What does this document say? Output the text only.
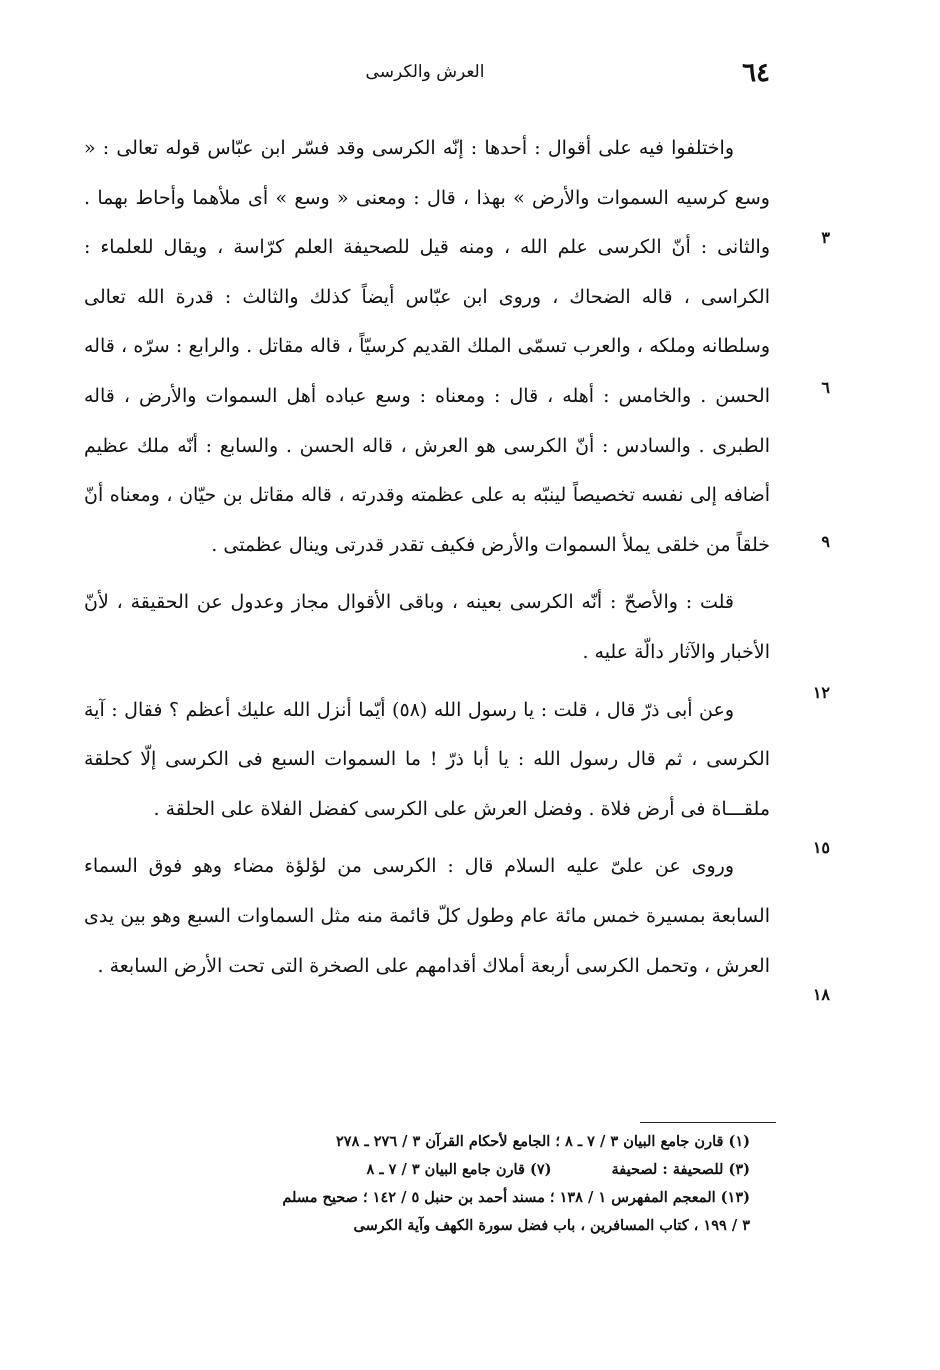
٦٤
العرش والكرسى
٣
٦
٩
١٢
١٥
١٨

واختلفوا فيه على أقوال : أحدها : إنّه الكرسى وقد فسّر ابن عبّاس قوله تعالى : « وسع كرسيه السموات والأرض » بهذا ، قال : ومعنى « وسع » أى ملأهما وأحاط بهما . والثانى : أنّ الكرسى علم الله ، ومنه قيل للصحيفة العلم كرّاسة ، ويقال للعلماء : الكراسى ، قاله الضحاك ، وروى ابن عبّاس أيضاً كذلك والثالث : قدرة الله تعالى وسلطانه وملكه ، والعرب تسمّى الملك القديم كرسيّاً ، قاله مقاتل . والرابع : سرّه ، قاله الحسن . والخامس : أهله ، قال : ومعناه : وسع عباده أهل السموات والأرض ، قاله الطبرى . والسادس : أنّ الكرسى هو العرش ، قاله الحسن . والسابع : أنّه ملك عظيم أضافه إلى نفسه تخصيصاً لينبّه به على عظمته وقدرته ، قاله مقاتل بن حيّان ، ومعناه أنّ خلقاً من خلقى يملأ السموات والأرض فكيف تقدر قدرتى وينال عظمتى .

قلت : والأصحّ : أنّه الكرسى بعينه ، وباقى الأقوال مجاز وعدول عن الحقيقة ، لأنّ الأخبار والآثار دالّة عليه .

وعن أبى ذرّ قال ، قلت : يا رسول الله (٥٨) أيّما أنزل الله عليك أعظم ؟ فقال : آية الكرسى ، ثم قال رسول الله : يا أبا ذرّ ! ما السموات السبع فى الكرسى إلّا كحلقة ملقـــاة فى أرض فلاة . وفضل العرش على الكرسى كفضل الفلاة على الحلقة .

وروى عن علىّ عليه السلام قال : الكرسى من لؤلؤة مضاء وهو فوق السماء السابعة بمسيرة خمس مائة عام وطول كلّ قائمة منه مثل السماوات السبع وهو بين يدى العرش ، وتحمل الكرسى أربعة أملاك أقدامهم على الصخرة التى تحت الأرض السابعة .

(١) قارن جامع البيان ٣ / ٧ ـ ٨ ؛ الجامع لأحكام القرآن ٣ / ٢٧٦ ـ ٢٧٨
(٣) للصحيفة : لصحيفة(٧) قارن جامع البيان ٣ / ٧ ـ ٨
(١٣) المعجم المفهرس ١ / ١٣٨ ؛ مسند أحمد بن حنبل ٥ / ١٤٢ ؛ صحيح مسلم
٣ / ١٩٩ ، كتاب المسافرين ، باب فضل سورة الكهف وآية الكرسى
